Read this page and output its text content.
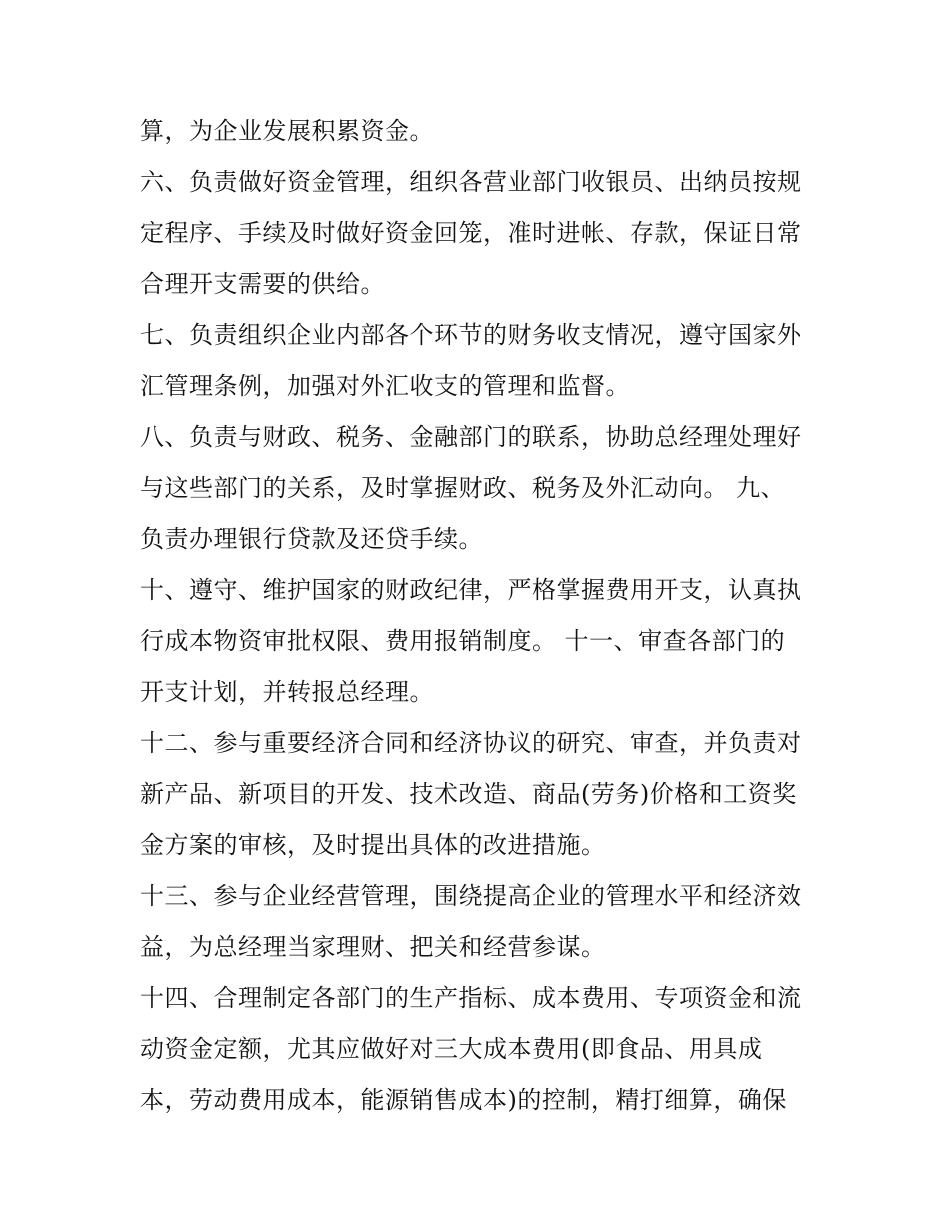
算，为企业发展积累资金。
六、负责做好资金管理，组织各营业部门收银员、出纳员按规
定程序、手续及时做好资金回笼，准时进帐、存款，保证日常
合理开支需要的供给。
七、负责组织企业内部各个环节的财务收支情况，遵守国家外
汇管理条例，加强对外汇收支的管理和监督。
八、负责与财政、税务、金融部门的联系，协助总经理处理好
与这些部门的关系，及时掌握财政、税务及外汇动向。 九、
负责办理银行贷款及还贷手续。
十、遵守、维护国家的财政纪律，严格掌握费用开支，认真执
行成本物资审批权限、费用报销制度。 十一、审查各部门的
开支计划，并转报总经理。
十二、参与重要经济合同和经济协议的研究、审查，并负责对
新产品、新项目的开发、技术改造、商品(劳务)价格和工资奖
金方案的审核，及时提出具体的改进措施。
十三、参与企业经营管理，围绕提高企业的管理水平和经济效
益，为总经理当家理财、把关和经营参谋。
十四、合理制定各部门的生产指标、成本费用、专项资金和流
动资金定额，尤其应做好对三大成本费用(即食品、用具成
本，劳动费用成本，能源销售成本)的控制，精打细算，确保
